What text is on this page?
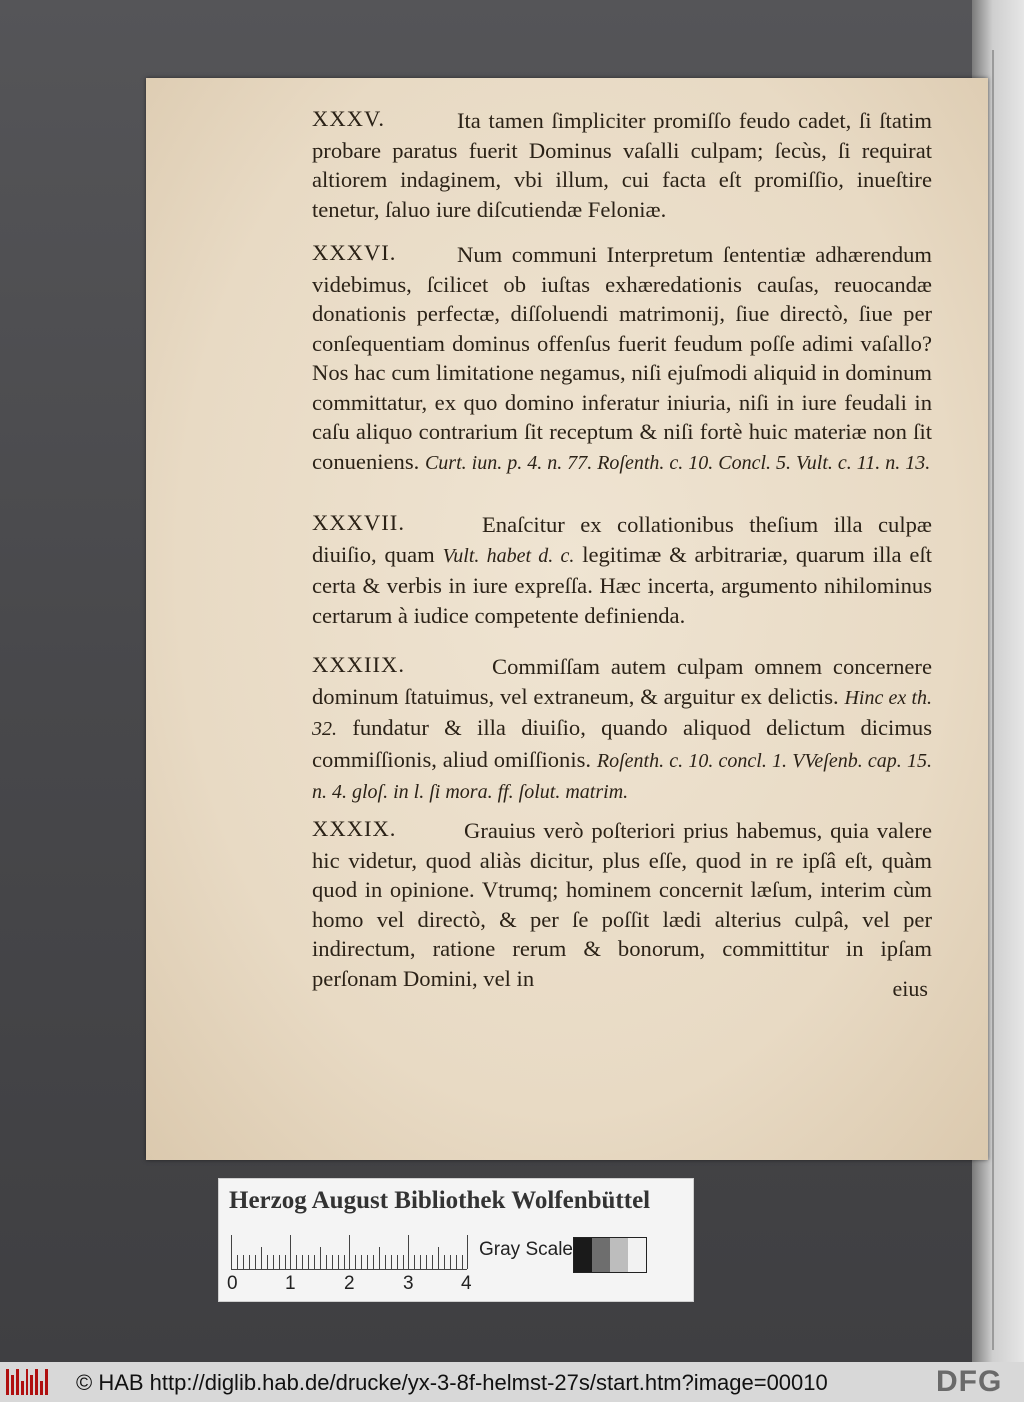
XXXV.
XXXVI.
XXXVII.
XXXIIX.
XXXIX.

Ita tamen ſimpliciter promiſſo feudo cadet, ſi ſtatim probare paratus fuerit Dominus vaſalli culpam; ſecùs, ſi requirat altiorem indaginem, vbi illum, cui facta eſt promiſſio, inueſtire tenetur, ſaluo iure diſcutiendæ Feloniæ.

Num communi Interpretum ſententiæ adhærendum videbimus, ſcilicet ob iuſtas exhæredationis cauſas, reuocandæ donationis perfectæ, diſſoluendi matrimonij, ſiue directò, ſiue per conſequentiam dominus offenſus fuerit feudum poſſe adimi vaſallo? Nos hac cum limitatione negamus, niſi ejuſmodi aliquid in dominum committatur, ex quo domino inferatur iniuria, niſi in iure feudali in caſu aliquo contrarium ſit receptum & niſi fortè huic materiæ non ſit conueniens. Curt. iun. p. 4. n. 77. Roſenth. c. 10. Concl. 5. Vult. c. 11. n. 13.

Enaſcitur ex collationibus theſium illa culpæ diuiſio, quam Vult. habet d. c. legitimæ & arbitrariæ, quarum illa eſt certa & verbis in iure expreſſa. Hæc incerta, argumento nihilominus certarum à iudice competente definienda.

Commiſſam autem culpam omnem concernere dominum ſtatuimus, vel extraneum, & arguitur ex delictis. Hinc ex th. 32. fundatur & illa diuiſio, quando aliquod delictum dicimus commiſſionis, aliud omiſſionis. Roſenth. c. 10. concl. 1. VVeſenb. cap. 15. n. 4. gloſ. in l. ſi mora. ff. ſolut. matrim.

Grauius verò poſteriori prius habemus, quia valere hic videtur, quod aliàs dicitur, plus eſſe, quod in re ipſâ eſt, quàm quod in opinione. Vtrumq; hominem concernit læſum, interim cùm homo vel directò, & per ſe poſſit lædi alterius culpâ, vel per indirectum, ratione rerum & bonorum, committitur in ipſam perſonam Domini, vel in	eius
Herzog August Bibliothek Wolfenbüttel
0 1	2	3 4
Gray Scale
© HAB http://diglib.hab.de/drucke/yx-3-8f-helmst-27s/start.htm?image=00010	DFG
